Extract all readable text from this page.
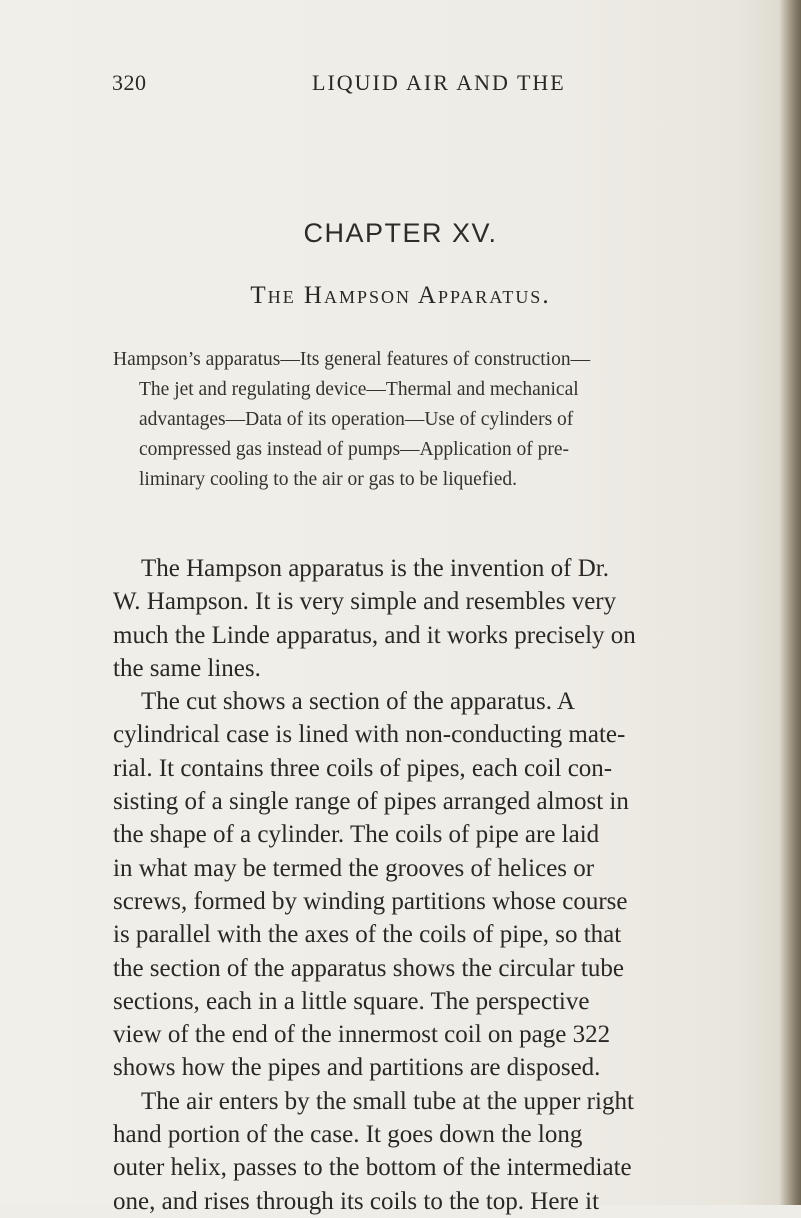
320	LIQUID AIR AND THE
CHAPTER XV.
The Hampson Apparatus.
Hampson’s apparatus—Its general features of construction—
The jet and regulating device—Thermal and mechanical
advantages—Data of its operation—Use of cylinders of
compressed gas instead of pumps—Application of pre-
liminary cooling to the air or gas to be liquefied.
The Hampson apparatus is the invention of Dr.
W. Hampson. It is very simple and resembles very
much the Linde apparatus, and it works precisely on
the same lines.
The cut shows a section of the apparatus. A
cylindrical case is lined with non-conducting mate-
rial. It contains three coils of pipes, each coil con-
sisting of a single range of pipes arranged almost in
the shape of a cylinder. The coils of pipe are laid
in what may be termed the grooves of helices or
screws, formed by winding partitions whose course
is parallel with the axes of the coils of pipe, so that
the section of the apparatus shows the circular tube
sections, each in a little square. The perspective
view of the end of the innermost coil on page 322
shows how the pipes and partitions are disposed.
The air enters by the small tube at the upper right
hand portion of the case. It goes down the long
outer helix, passes to the bottom of the intermediate
one, and rises through its coils to the top. Here it
